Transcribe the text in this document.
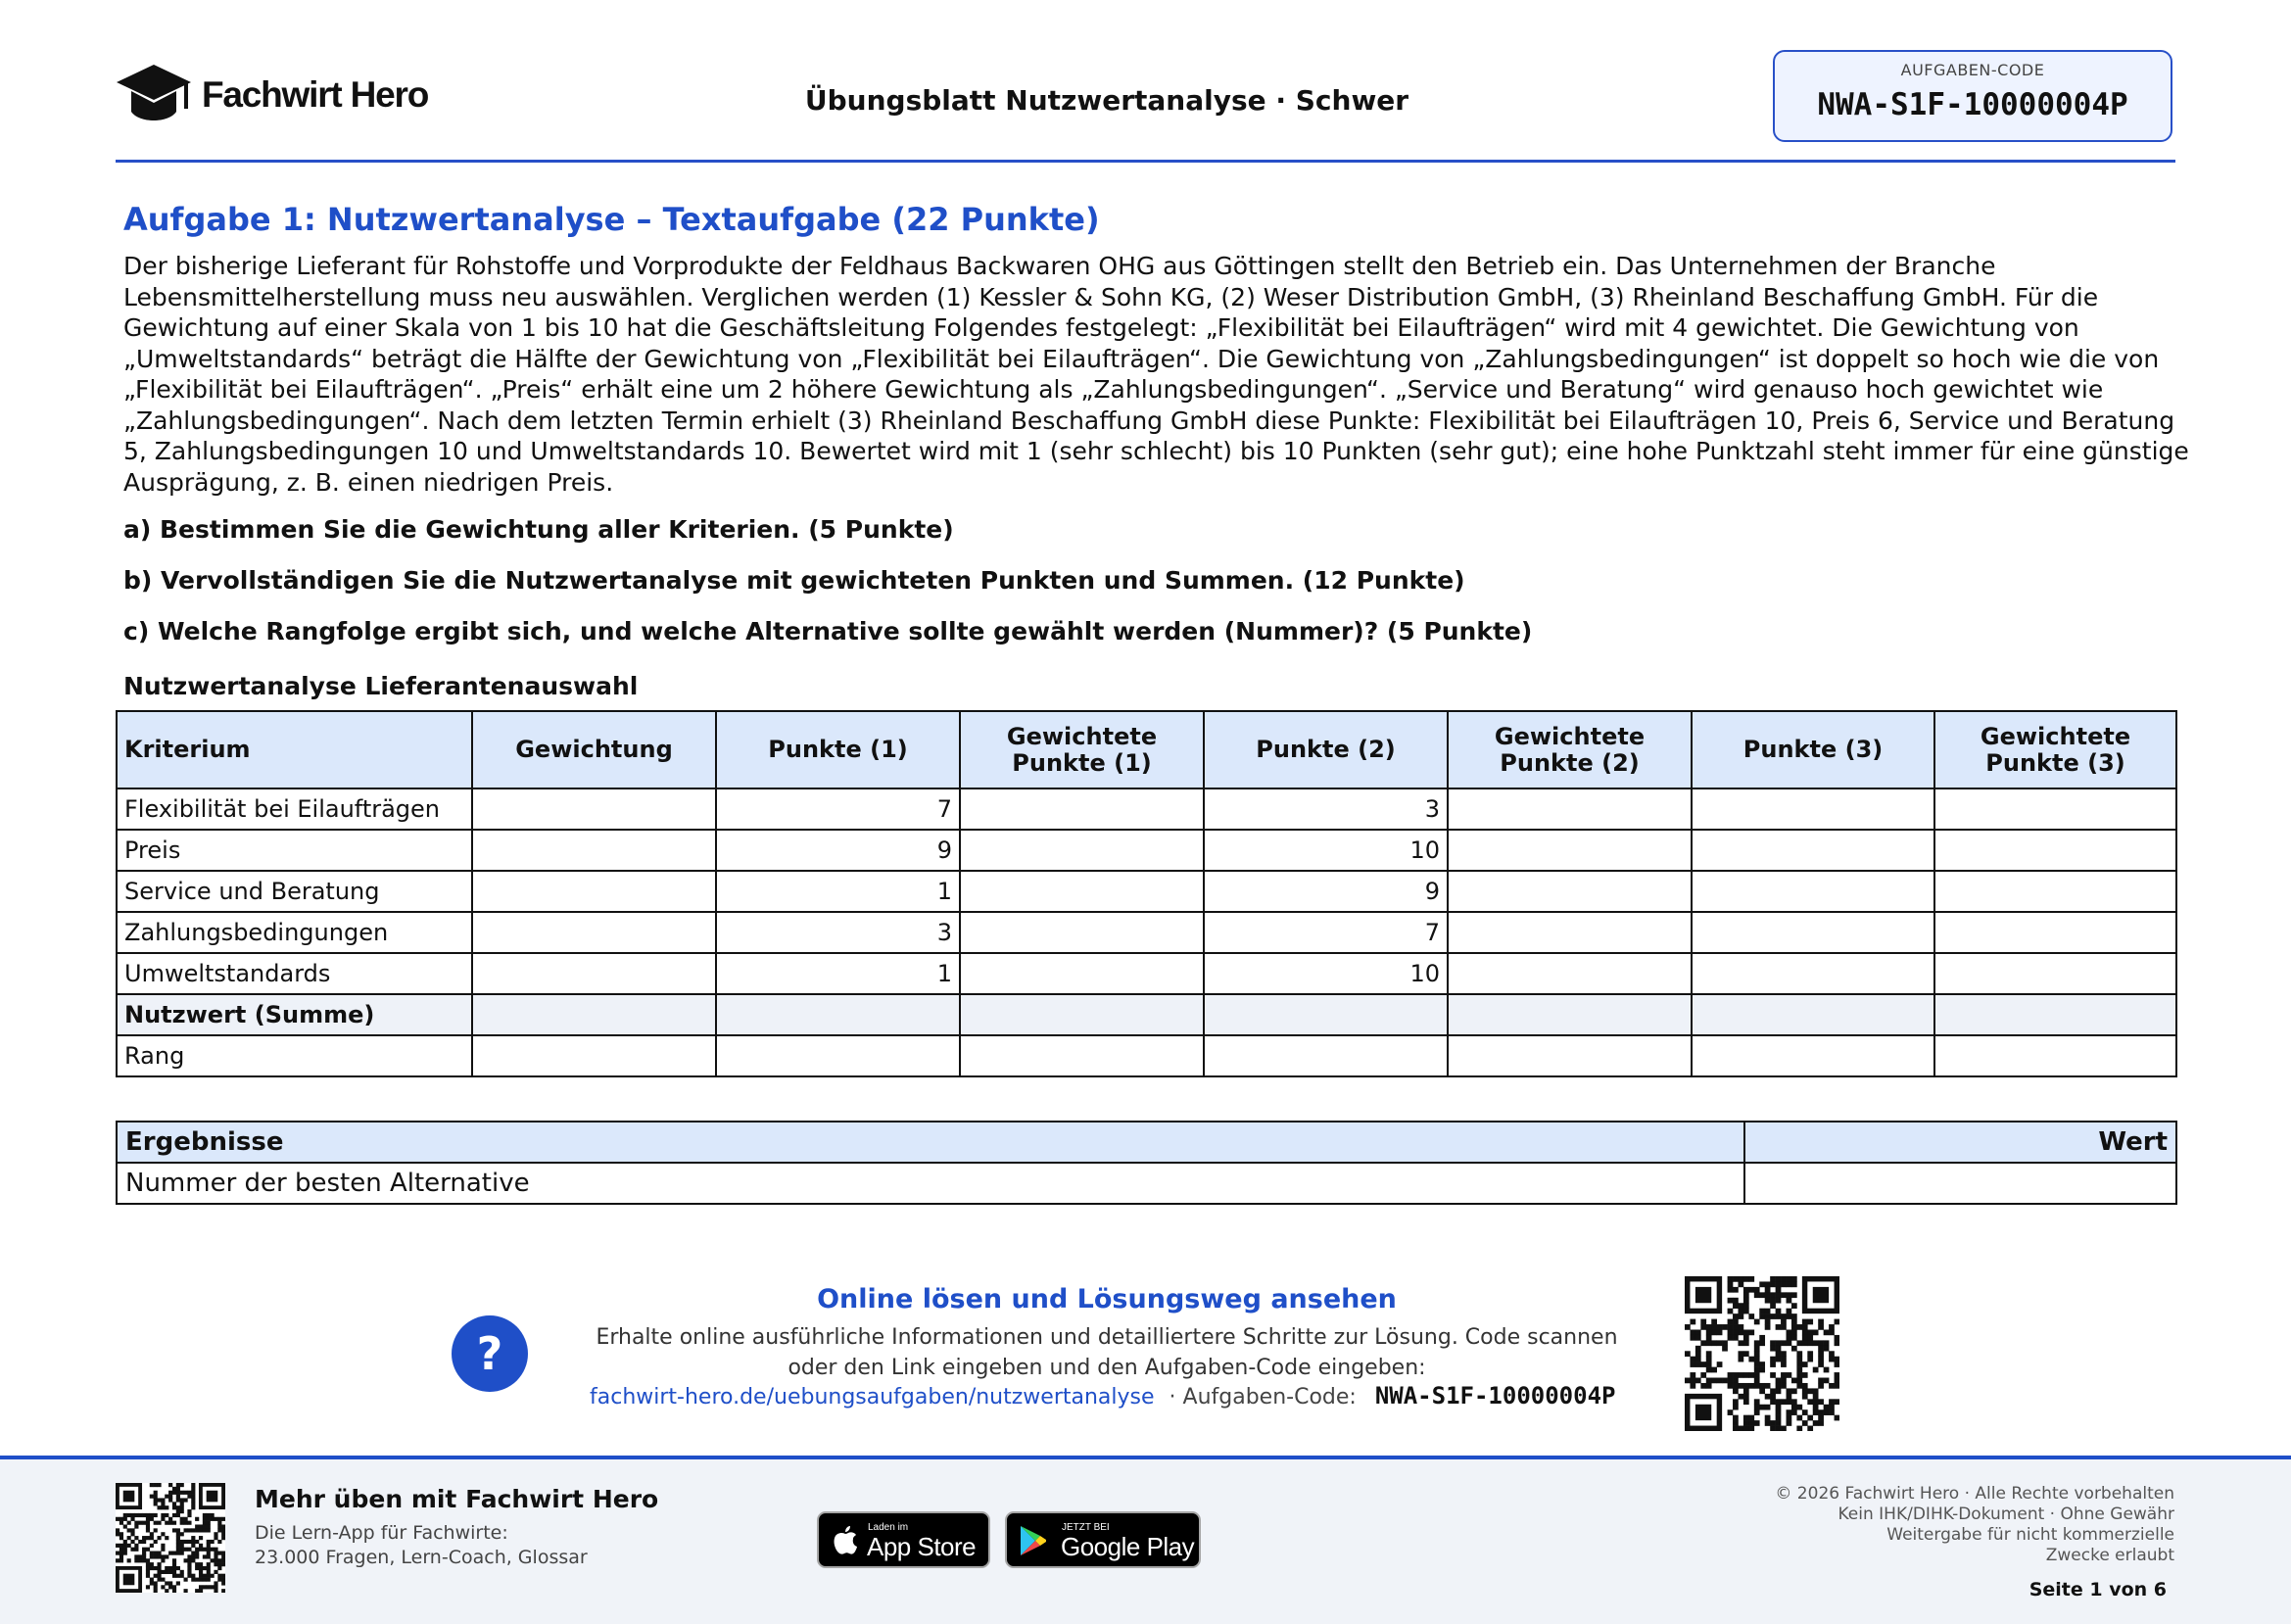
Fachwirt Hero	Übungsblatt Nutzwertanalyse · Schwer
AUFGABEN-CODE
NWA-S1F-10000004P
Aufgabe 1: Nutzwertanalyse – Textaufgabe (22 Punkte)

Der bisherige Lieferant für Rohstoffe und Vorprodukte der Feldhaus Backwaren OHG aus Göttingen stellt den Betrieb ein. Das Unternehmen der Branche Lebensmittelherstellung muss neu auswählen. Verglichen werden (1) Kessler & Sohn KG, (2) Weser Distribution GmbH, (3) Rheinland Beschaffung GmbH. Für die Gewichtung auf einer Skala von 1 bis 10 hat die Geschäftsleitung Folgendes festgelegt: „Flexibilität bei Eilaufträgen“ wird mit 4 gewichtet. Die Gewichtung von „Umweltstandards“ beträgt die Hälfte der Gewichtung von „Flexibilität bei Eilaufträgen“. Die Gewichtung von „Zahlungsbedingungen“ ist doppelt so hoch wie die von „Flexibilität bei Eilaufträgen“. „Preis“ erhält eine um 2 höhere Gewichtung als „Zahlungsbedingungen“. „Service und Beratung“ wird genauso hoch gewichtet wie „Zahlungsbedingungen“. Nach dem letzten Termin erhielt (3) Rheinland Beschaffung GmbH diese Punkte: Flexibilität bei Eilaufträgen 10, Preis 6, Service und Beratung 5, Zahlungsbedingungen 10 und Umweltstandards 10. Bewertet wird mit 1 (sehr schlecht) bis 10 Punkten (sehr gut); eine hohe Punktzahl steht immer für eine günstige Ausprägung, z. B. einen niedrigen Preis.

a) Bestimmen Sie die Gewichtung aller Kriterien. (5 Punkte)
b) Vervollständigen Sie die Nutzwertanalyse mit gewichteten Punkten und Summen. (12 Punkte)
c) Welche Rangfolge ergibt sich, und welche Alternative sollte gewählt werden (Nummer)? (5 Punkte)
Nutzwertanalyse Lieferantenauswahl
Kriterium	Gewichtung	Punkte (1)	Gewichtete Punkte (1)	Punkte (2)	Gewichtete Punkte (2)	Punkte (3)	Gewichtete Punkte (3)
Flexibilität bei Eilaufträgen		7		3			
Preis		9		10			
Service und Beratung		1		9			
Zahlungsbedingungen		3		7			
Umweltstandards		1		10			
Nutzwert (Summe)							
Rang							
Ergebnisse	Wert
Nummer der besten Alternative	
?
Online lösen und Lösungsweg ansehen
Erhalte online ausführliche Informationen und detailliertere Schritte zur Lösung. Code scannen oder den Link eingeben und den Aufgaben-Code eingeben:
fachwirt-hero.de/uebungsaufgaben/nutzwertanalyse · Aufgaben-Code: NWA-S1F-10000004P
Mehr üben mit Fachwirt Hero
Die Lern-App für Fachwirte:
23.000 Fragen, Lern-Coach, Glossar
Laden im
App Store
JETZT BEI
Google Play
© 2026 Fachwirt Hero · Alle Rechte vorbehalten
Kein IHK/DIHK-Dokument · Ohne Gewähr
Weitergabe für nicht kommerzielle
Zwecke erlaubt
Seite 1 von 6
